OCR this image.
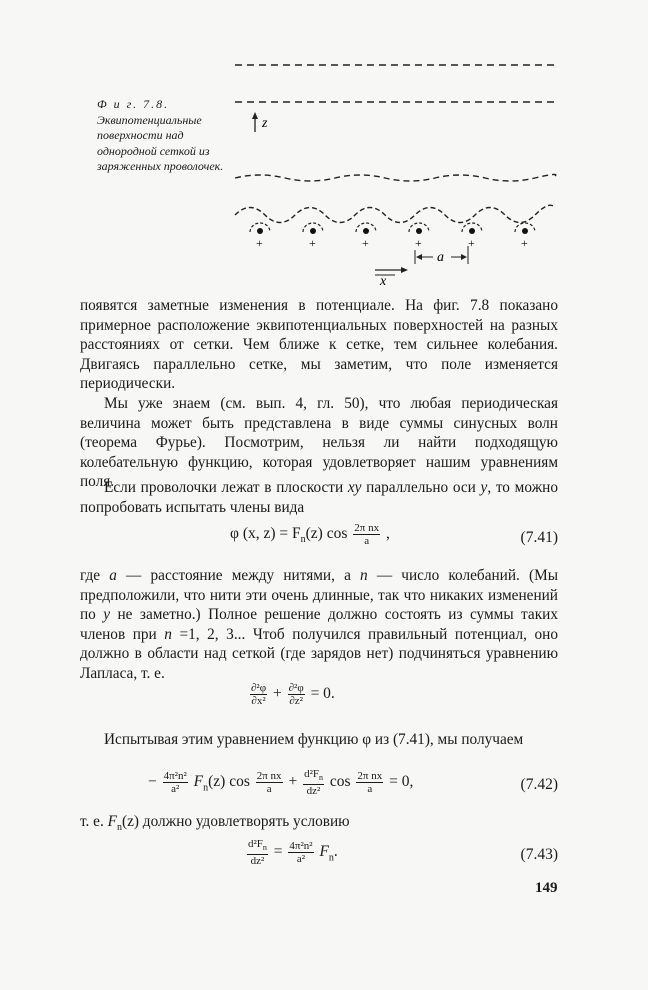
Ф и г. 7.8. Эквипотенциальные поверхности над однородной сеткой из заряженных проволочек.
z
+	+	+	+	+	+
x
a
появятся заметные изменения в потенциале. На фиг. 7.8 показано примерное расположение эквипотенциальных поверхностей на разных расстояниях от сетки. Чем ближе к сетке, тем сильнее колебания. Двигаясь параллельно сетке, мы заметим, что поле изменяется периодически.
Мы уже знаем (см. вып. 4, гл. 50), что любая периодическая величина может быть представлена в виде суммы синусных волн (теорема Фурье). Посмотрим, нельзя ли найти подходящую колебательную функцию, которая удовлетворяет нашим уравнениям поля.
Если проволочки лежат в плоскости xy параллельно оси y, то можно попробовать испытать члены вида
φ (x, $z) = F_n(z)$ $\cos \frac{\text{2π nx}}{a}$ ,	(7.41)
где a — расстояние между нитями, а n — число колебаний. (Мы предположили, что нити эти очень длинные, так что никаких изменений по y не заметно.) Полное решение должно состоять из суммы таких членов при n =1, 2, 3... Чтоб получился правильный потенциал, оно должно в области над сеткой (где зарядов нет) подчиняться уравнению Лапласа, т. е.
$\frac{\text{∂²φ}}{\text{∂x²}} + \frac{\text{∂²φ}}{\text{∂z²}} = 0$.
Испытывая этим уравнением функцию φ из (7.41), мы получаем
− $\frac{\text{4π²n²}}{\text{a²}} F_n(z)$ $\cos \frac{\text{2π nx}}{a} + \frac{d^2F_n}{\text{dz²}}$ $\cos \frac{\text{2π nx}}{a} = 0$,	(7.42)
т. е. $F_n(z)$ должно удовлетворять условию
$\frac{d^2F_n}{\text{dz²}} = \frac{\text{4π²n²}}{\text{a²}} F_n$.	(7.43)
149
